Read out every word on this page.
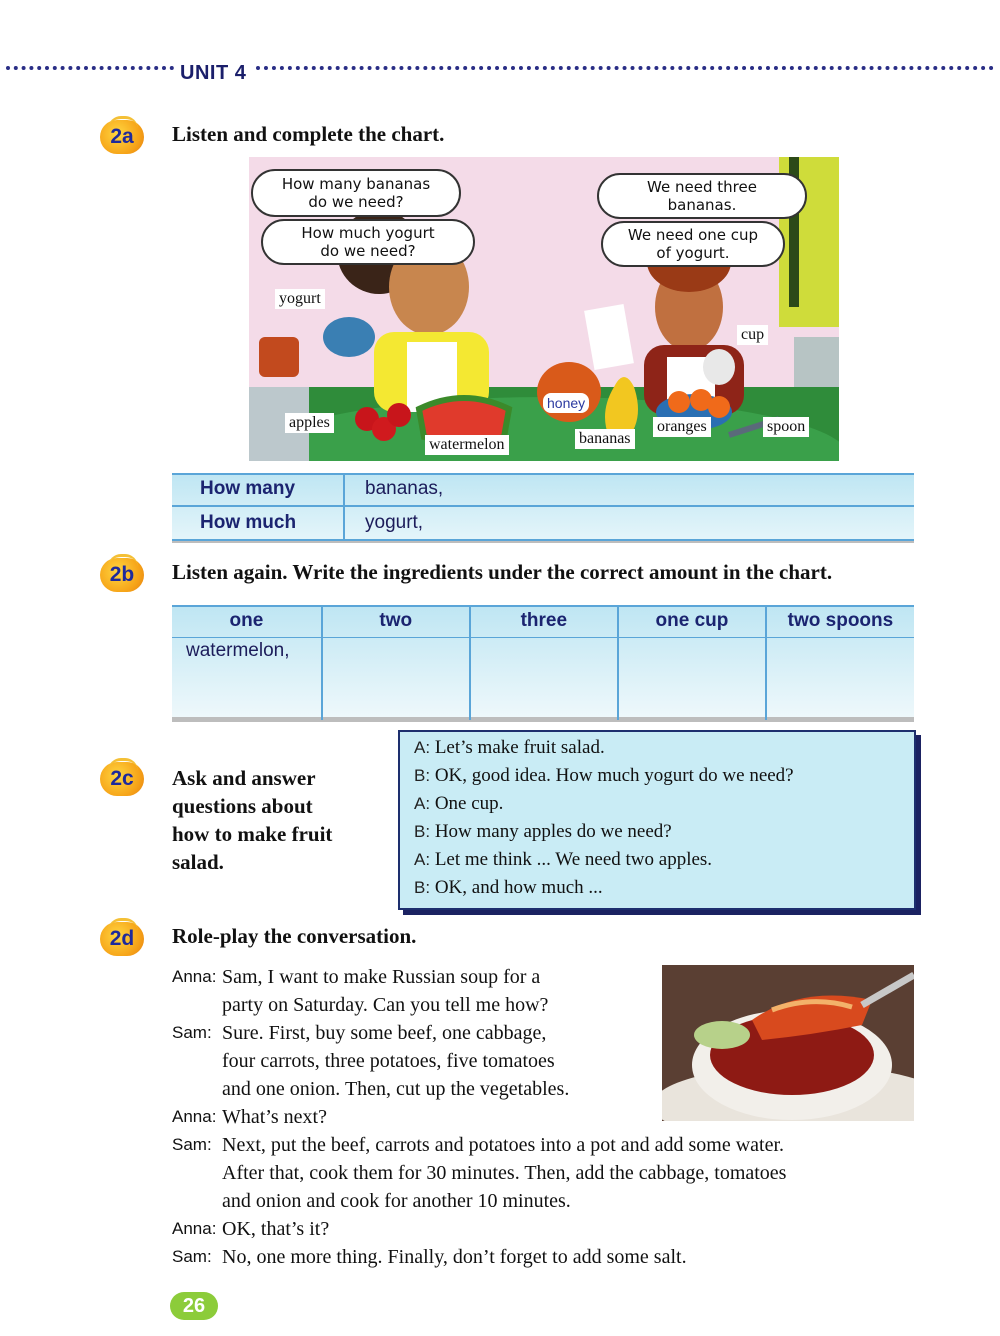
UNIT 4
2a	Listen and complete the chart.
How many bananas
do we need?
How much yogurt
do we need?
We need three
bananas.
We need one cup
of yogurt.
yogurt
cup
apples
honey
watermelon	bananas
oranges	spoon
How many	bananas,
How much	yogurt,
2b	Listen again. Write the ingredients under the correct amount in the chart.
one	two	three	one cup	two spoons
watermelon,				
2c	Ask and answer
questions about
how to make fruit
salad.
A: Let’s make fruit salad.
B: OK, good idea. How much yogurt do we need?
A: One cup.
B: How many apples do we need?
A: Let me think ... We need two apples.
B: OK, and how much ...
2d	Role-play the conversation.
Anna: Sam, I want to make Russian soup for a
party on Saturday. Can you tell me how?
Sam: Sure. First, buy some beef, one cabbage,
four carrots, three potatoes, five tomatoes
and one onion. Then, cut up the vegetables.
Anna: What’s next?
Sam: Next, put the beef, carrots and potatoes into a pot and add some water.
After that, cook them for 30 minutes. Then, add the cabbage, tomatoes
and onion and cook for another 10 minutes.
Anna: OK, that’s it?
Sam: No, one more thing. Finally, don’t forget to add some salt.
26
